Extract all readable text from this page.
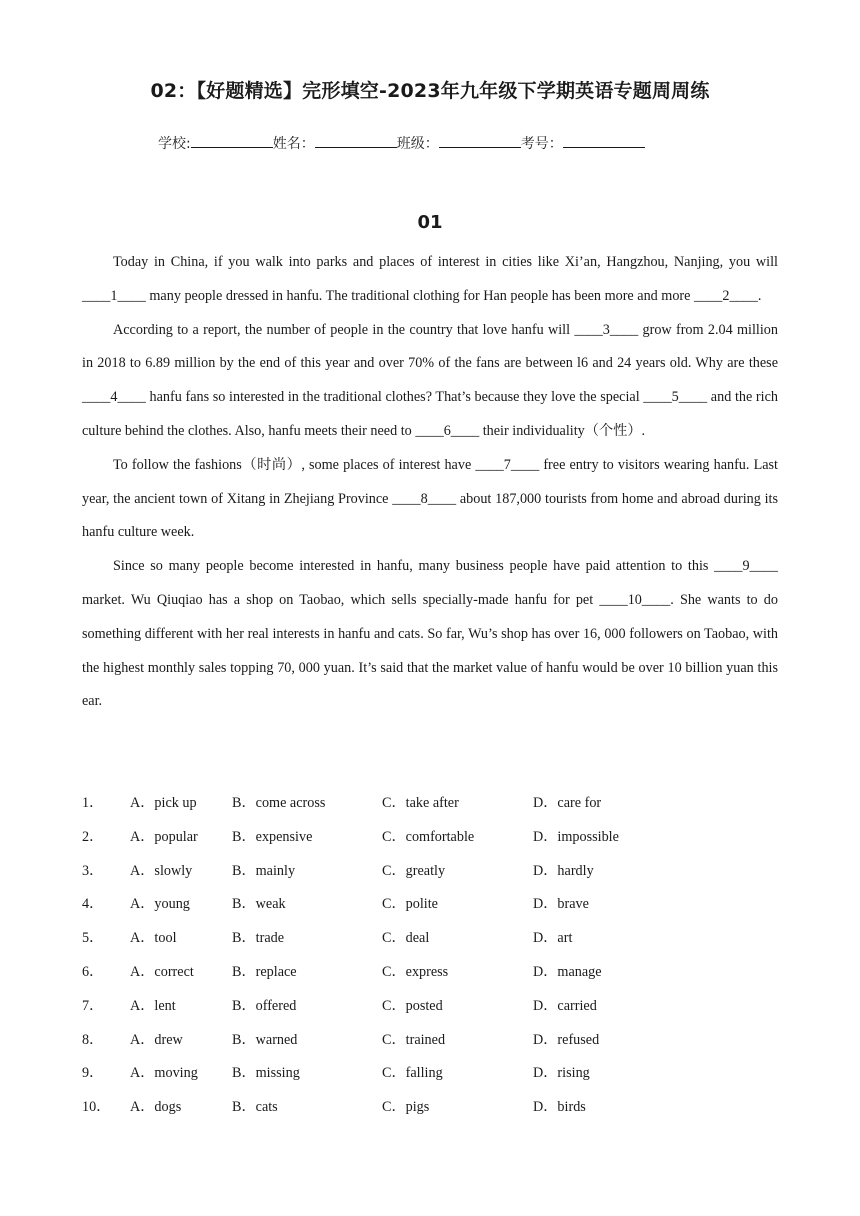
02：【好题精选】完形填空-2023年九年级下学期英语专题周周练
学校:	姓名：	班级：	考号：
01

Today in China, if you walk into parks and places of interest in cities like Xi’an, Hangzhou, Nanjing, you will ____1____ many people dressed in hanfu. The traditional clothing for Han people has been more and more ____2____.

According to a report, the number of people in the country that love hanfu will ____3____ grow from 2.04 million in 2018 to 6.89 million by the end of this year and over 70% of the fans are between l6 and 24 years old. Why are these ____4____ hanfu fans so interested in the traditional clothes? That’s because they love the special ____5____ and the rich culture behind the clothes. Also, hanfu meets their need to ____6____ their individuality（个性）.

To follow the fashions（时尚）, some places of interest have ____7____ free entry to visitors wearing hanfu. Last year, the ancient town of Xitang in Zhejiang Province ____8____ about 187,000 tourists from home and abroad during its hanfu culture week.

Since so many people become interested in hanfu, many business people have paid attention to this ____9____ market. Wu Qiuqiao has a shop on Taobao, which sells specially-made hanfu for pet ____10____. She wants to do something different with her real interests in hanfu and cats. So far, Wu’s shop has over 16, 000 followers on Taobao, with the highest monthly sales topping 70, 000 yuan. It’s said that the market value of hanfu would be over 10 billion yuan this ear.

1． A．pick up B．come across	C．take after	D．care for
2． A．popular B．expensive	C．comfortable	D．impossible
3． A．slowly	B．mainly	C．greatly	D．hardly
4． A．young	B．weak	C．polite	D．brave
5． A．tool	B．trade	C．deal	D．art
6． A．correct	B．replace	C．express	D．manage
7． A．lent	B．offered	C．posted	D．carried
8． A．drew	B．warned	C．trained	D．refused
9． A．moving B．missing	C．falling	D．rising
10． A．dogs	B．cats	C．pigs	D．birds
